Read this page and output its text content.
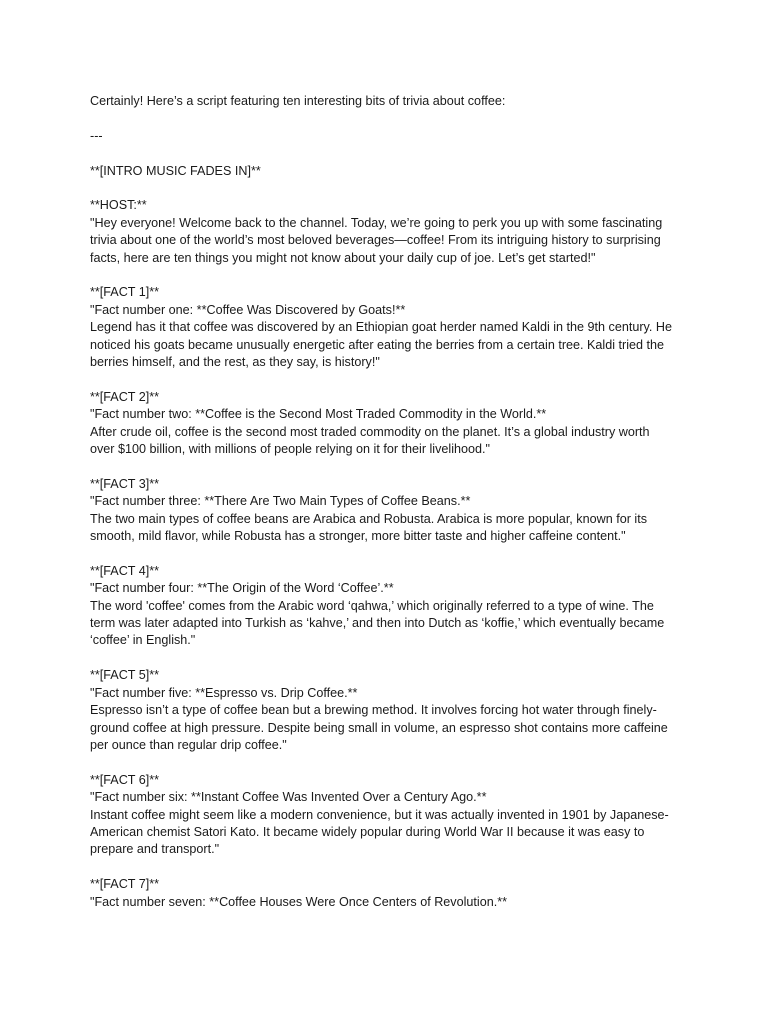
Certainly! Here’s a script featuring ten interesting bits of trivia about coffee:
---
**[INTRO MUSIC FADES IN]**
**HOST:**
"Hey everyone! Welcome back to the channel. Today, we’re going to perk you up with some fascinating
trivia about one of the world’s most beloved beverages—coffee! From its intriguing history to surprising
facts, here are ten things you might not know about your daily cup of joe. Let’s get started!"
**[FACT 1]**
"Fact number one: **Coffee Was Discovered by Goats!**
Legend has it that coffee was discovered by an Ethiopian goat herder named Kaldi in the 9th century. He
noticed his goats became unusually energetic after eating the berries from a certain tree. Kaldi tried the
berries himself, and the rest, as they say, is history!"
**[FACT 2]**
"Fact number two: **Coffee is the Second Most Traded Commodity in the World.**
After crude oil, coffee is the second most traded commodity on the planet. It’s a global industry worth
over $100 billion, with millions of people relying on it for their livelihood."
**[FACT 3]**
"Fact number three: **There Are Two Main Types of Coffee Beans.**
The two main types of coffee beans are Arabica and Robusta. Arabica is more popular, known for its
smooth, mild flavor, while Robusta has a stronger, more bitter taste and higher caffeine content."
**[FACT 4]**
"Fact number four: **The Origin of the Word ‘Coffee’.**
The word 'coffee' comes from the Arabic word ‘qahwa,’ which originally referred to a type of wine. The
term was later adapted into Turkish as ‘kahve,’ and then into Dutch as ‘koffie,’ which eventually became
‘coffee’ in English."
**[FACT 5]**
"Fact number five: **Espresso vs. Drip Coffee.**
Espresso isn’t a type of coffee bean but a brewing method. It involves forcing hot water through finely-
ground coffee at high pressure. Despite being small in volume, an espresso shot contains more caffeine
per ounce than regular drip coffee."
**[FACT 6]**
"Fact number six: **Instant Coffee Was Invented Over a Century Ago.**
Instant coffee might seem like a modern convenience, but it was actually invented in 1901 by Japanese-
American chemist Satori Kato. It became widely popular during World War II because it was easy to
prepare and transport."
**[FACT 7]**
"Fact number seven: **Coffee Houses Were Once Centers of Revolution.**
